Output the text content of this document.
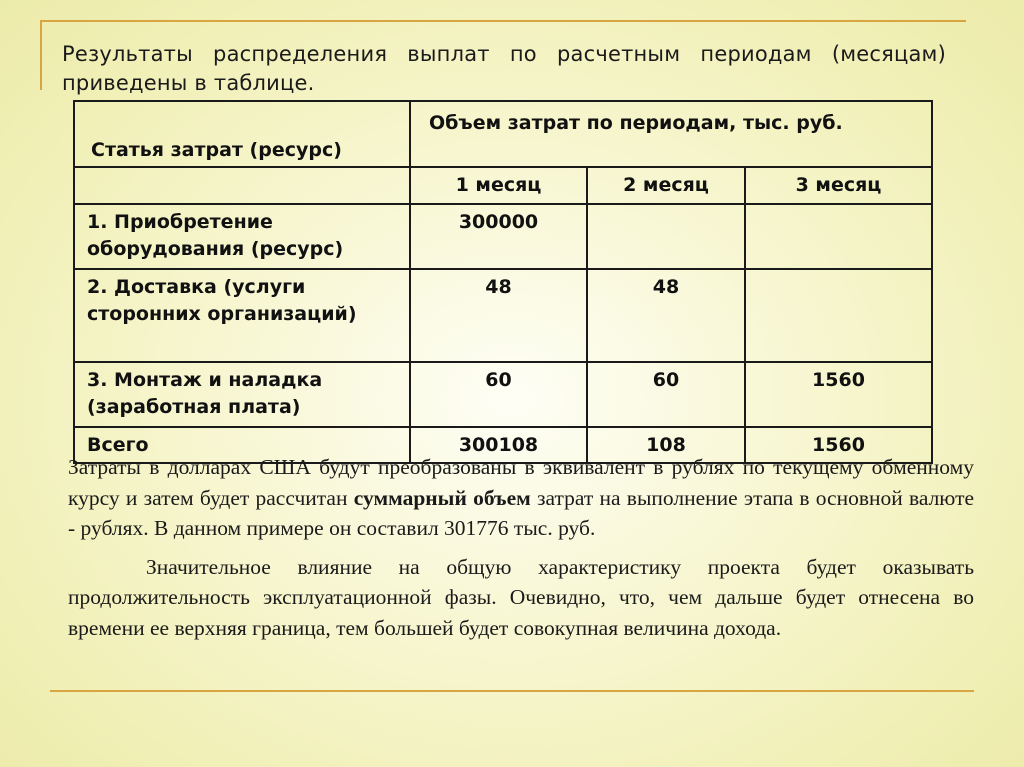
Результаты распределения выплат по расчетным периодам (месяцам) приведены в таблице.
Статья затрат (ресурс)	Объем затрат по периодам, тыс. руб.		
	1 месяц	2 месяц	3 месяц
1. Приобретение оборудования (ресурс)	300000		
2. Доставка (услуги сторонних организаций)	48	48	
3. Монтаж и наладка (заработная плата)	60	60	1560
Всего	300108	108	1560

Затраты в долларах США будут преобразованы в эквивалент в рублях по текущему обменному курсу и затем будет рассчитан суммарный объем затрат на выполнение этапа в основной валюте - рублях. В данном примере он составил 301776 тыс. руб.

Значительное влияние на общую характеристику проекта будет оказывать продолжительность эксплуатационной фазы. Очевидно, что, чем дальше будет отнесена во времени ее верхняя граница, тем большей будет совокупная величина дохода.
